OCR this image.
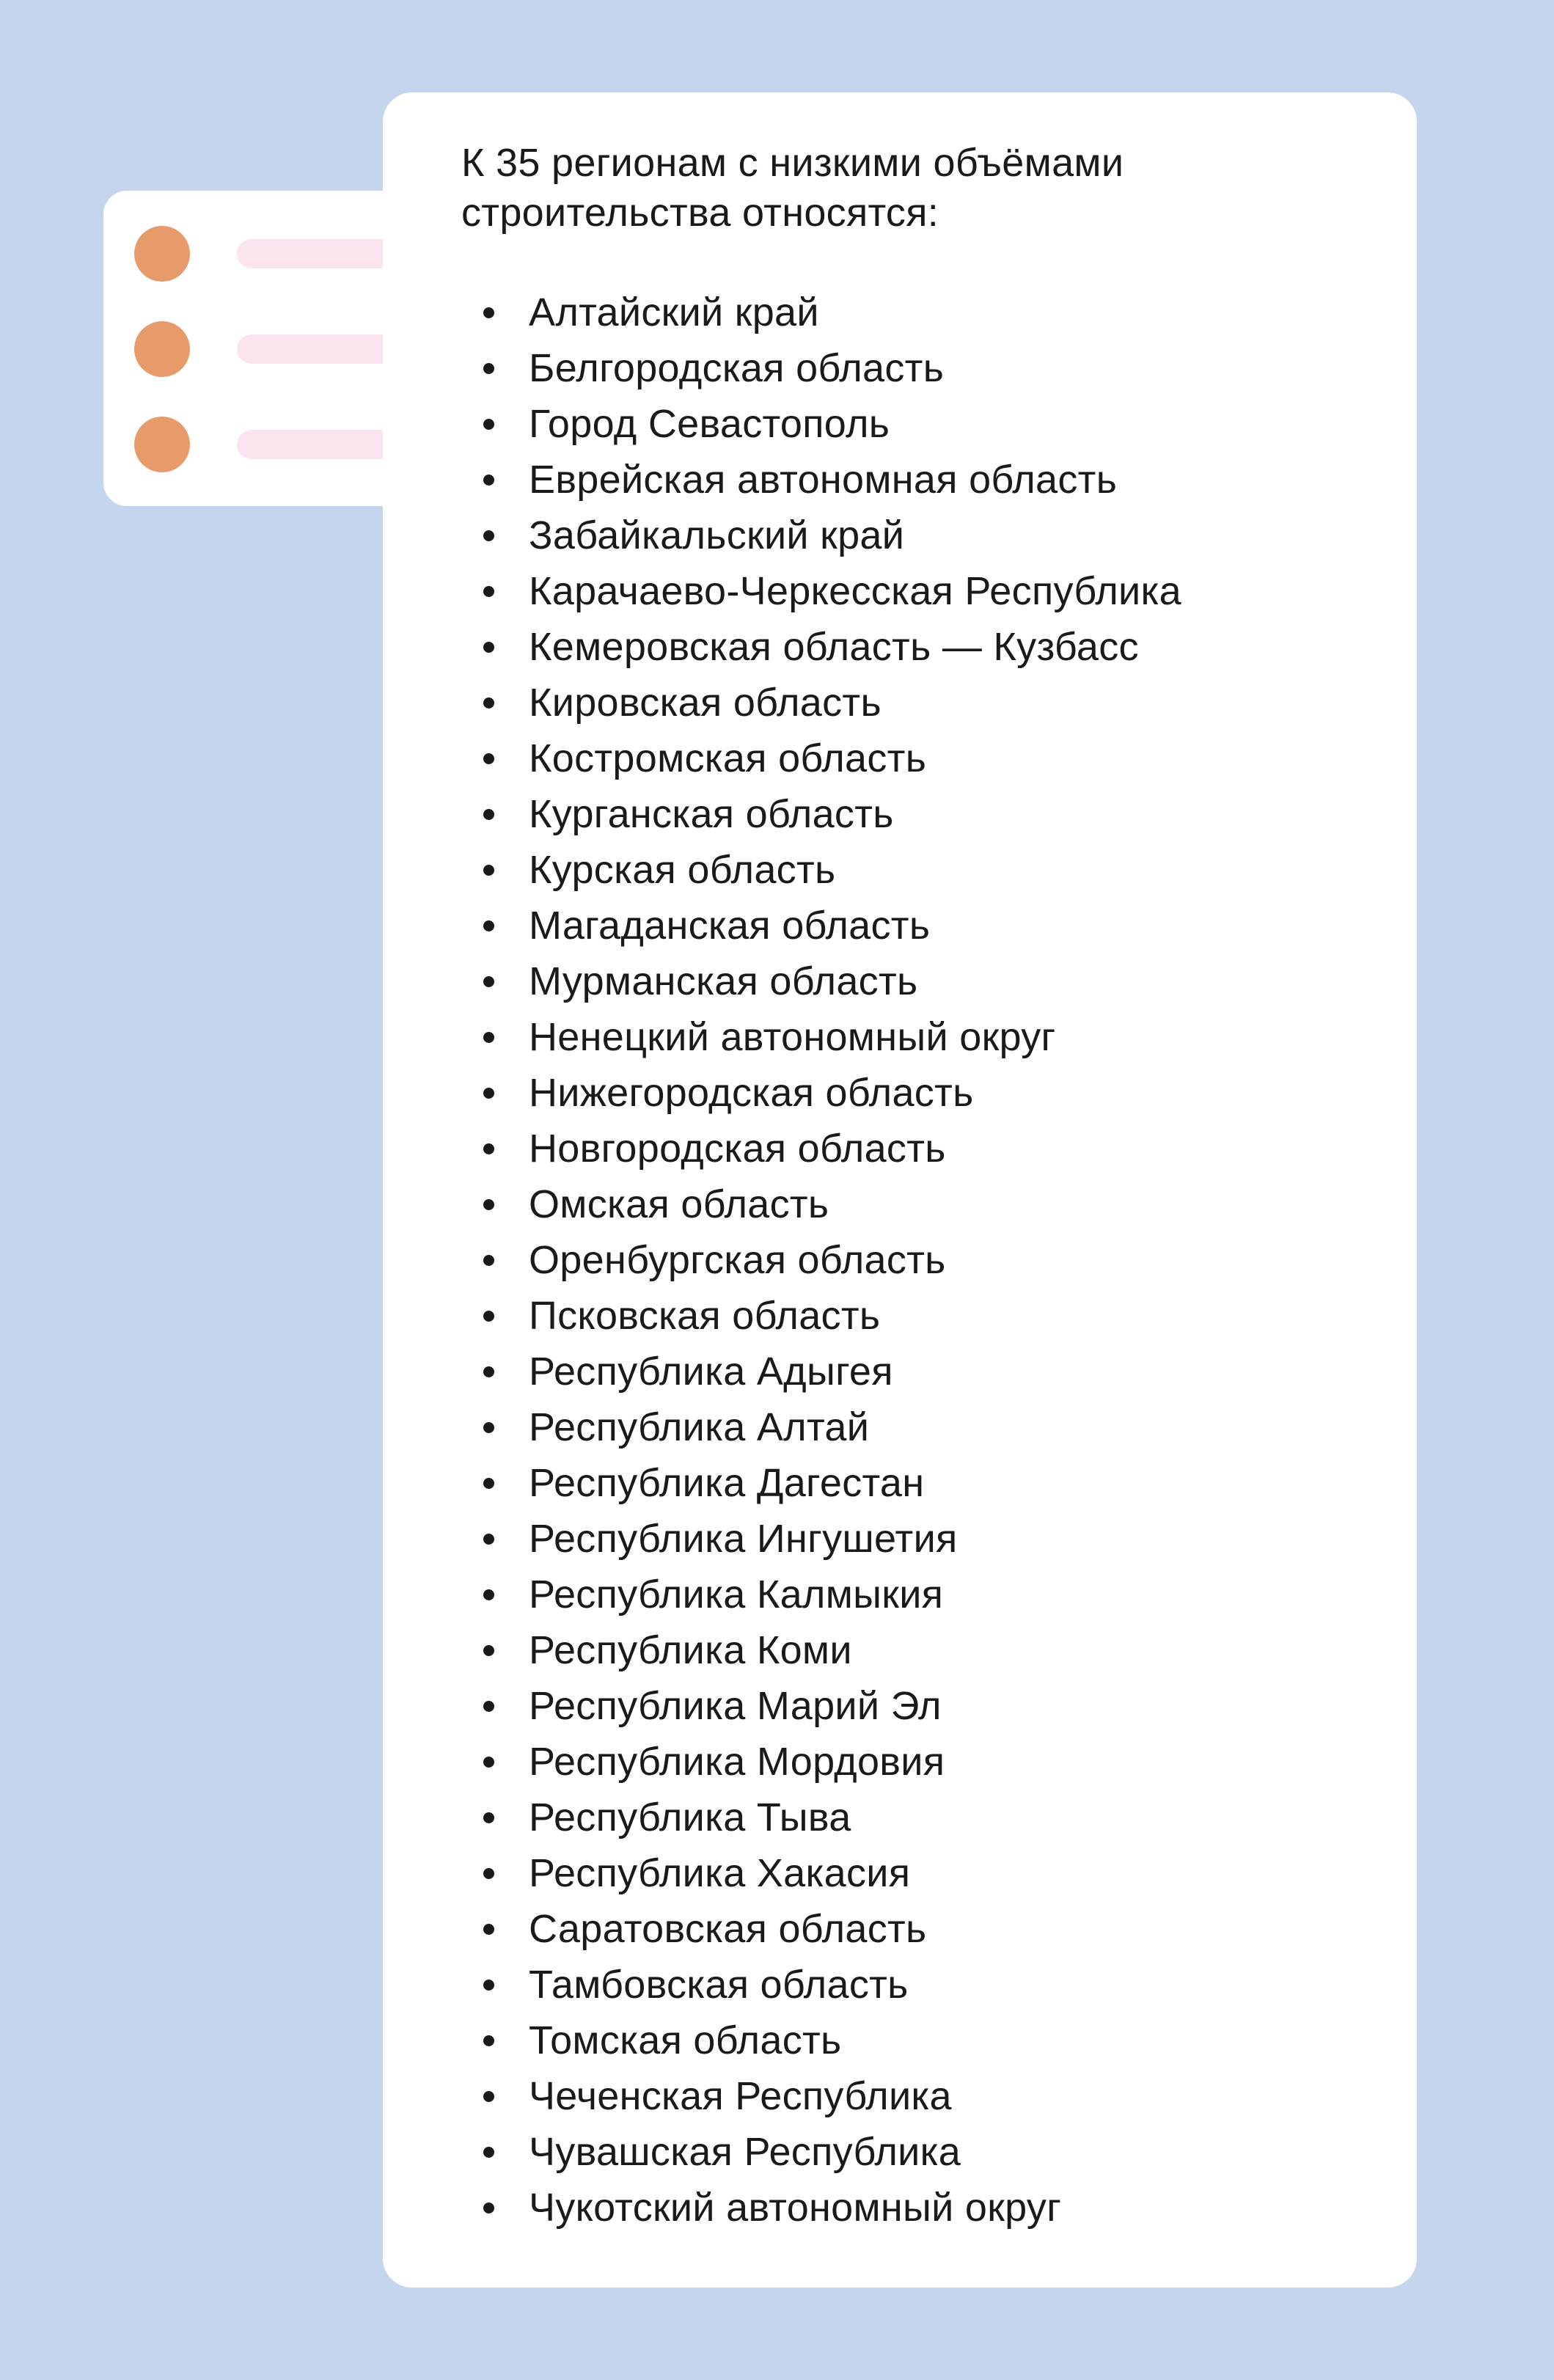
К 35 регионам с низкими объёмами строительства относятся:

Алтайский край
Белгородская область
Город Севастополь
Еврейская автономная область
Забайкальский край
Карачаево-Черкесская Республика
Кемеровская область — Кузбасс
Кировская область
Костромская область
Курганская область
Курская область
Магаданская область
Мурманская область
Ненецкий автономный округ
Нижегородская область
Новгородская область
Омская область
Оренбургская область
Псковская область
Республика Адыгея
Республика Алтай
Республика Дагестан
Республика Ингушетия
Республика Калмыкия
Республика Коми
Республика Марий Эл
Республика Мордовия
Республика Тыва
Республика Хакасия
Саратовская область
Тамбовская область
Томская область
Чеченская Республика
Чувашская Республика
Чукотский автономный округ
